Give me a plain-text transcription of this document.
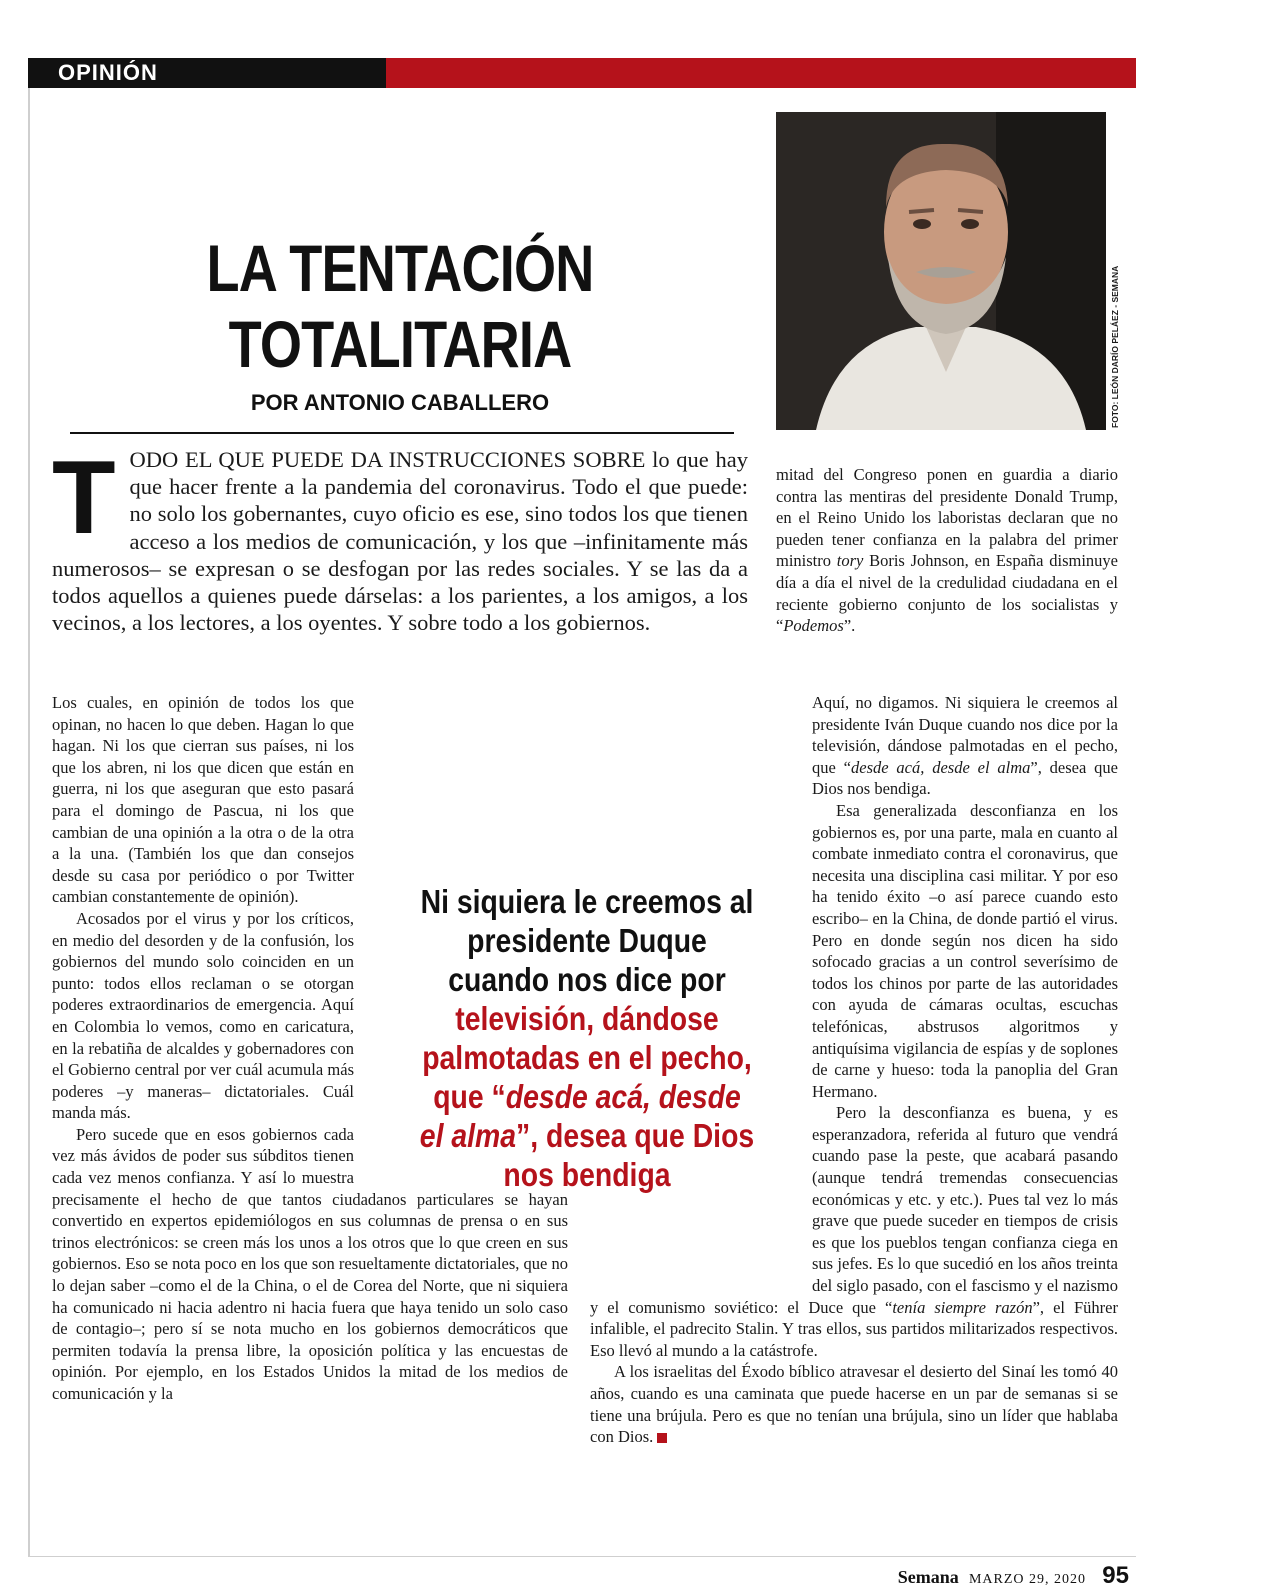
OPINIÓN
LA TENTACIÓN
TOTALITARIA
POR ANTONIO CABALLERO	FOTO: LEÓN DARÍO PELÁEZ - SEMANA
TODO EL QUE PUEDE DA INSTRUCCIONES SOBRE lo que hay que hacer frente a la pandemia del coronavirus. Todo el que puede: no solo los gobernantes, cuyo oficio es ese, sino todos los que tienen acceso a los medios de comunicación, y los que –infinitamente más numerosos– se expresan o se desfogan por las redes sociales. Y se las da a todos aquellos a quienes puede dárselas: a los parientes, a los amigos, a los vecinos, a los lectores, a los oyentes. Y sobre todo a los gobiernos.

mitad del Congreso ponen en guardia a diario contra las mentiras del presidente Donald Trump, en el Reino Unido los laboristas declaran que no pueden tener confianza en la palabra del primer ministro tory Boris Johnson, en España disminuye día a día el nivel de la credulidad ciudadana en el reciente gobierno conjunto de los socialistas y “Podemos”.

Los cuales, en opinión de todos los que opinan, no hacen lo que deben. Hagan lo que hagan. Ni los que cierran sus países, ni los que los abren, ni los que dicen que están en guerra, ni los que aseguran que esto pasará para el domingo de Pascua, ni los que cambian de una opinión a la otra o de la otra a la una. (También los que dan consejos desde su casa por periódico o por Twitter cambian constantemente de opinión).

Acosados por el virus y por los críticos, en medio del desorden y de la confusión, los gobiernos del mundo solo coinciden en un punto: todos ellos reclaman o se otorgan poderes extraordinarios de emergencia. Aquí en Colombia lo vemos, como en caricatura, en la rebatiña de alcaldes y gobernadores con el Gobierno central por ver cuál acumula más poderes –y maneras– dictatoriales. Cuál manda más.

Pero sucede que en esos gobiernos cada vez más ávidos de poder sus súbditos tienen cada vez menos confianza. Y así lo muestra precisamente el hecho de que tantos ciudadanos particulares se hayan convertido en expertos epidemiólogos en sus columnas de prensa o en sus trinos electrónicos: se creen más los unos a los otros que lo que creen en sus gobiernos. Eso se nota poco en los que son resueltamente dictatoriales, que no lo dejan saber –como el de la China, o el de Corea del Norte, que ni siquiera ha comunicado ni hacia adentro ni hacia fuera que haya tenido un solo caso de contagio–; pero sí se nota mucho en los gobiernos democráticos que permiten todavía la prensa libre, la oposición política y las encuestas de opinión. Por ejemplo, en los Estados Unidos la mitad de los medios de comunicación y la

Aquí, no digamos. Ni siquiera le creemos al presidente Iván Duque cuando nos dice por la televisión, dándose palmotadas en el pecho, que “desde acá, desde el alma”, desea que Dios nos bendiga.

Esa generalizada desconfianza en los gobiernos es, por una parte, mala en cuanto al combate inmediato contra el coronavirus, que necesita una disciplina casi militar. Y por eso ha tenido éxito –o así parece cuando esto escribo– en la China, de donde partió el virus. Pero en donde según nos dicen ha sido sofocado gracias a un control severísimo de todos los chinos por parte de las autoridades con ayuda de cámaras ocultas, escuchas telefónicas, abstrusos algoritmos y antiquísima vigilancia de espías y de soplones de carne y hueso: toda la panoplia del Gran Hermano.

Pero la desconfianza es buena, y es esperanzadora, referida al futuro que vendrá cuando pase la peste, que acabará pasando (aunque tendrá tremendas consecuencias económicas y etc. y etc.). Pues tal vez lo más grave que puede suceder en tiempos de crisis es que los pueblos tengan confianza ciega en sus jefes. Es lo que sucedió en los años treinta del siglo pasado, con el fascismo y el nazismo y el comunismo soviético: el Duce que “tenía siempre razón”, el Führer infalible, el padrecito Stalin. Y tras ellos, sus partidos militarizados respectivos. Eso llevó al mundo a la catástrofe.

A los israelitas del Éxodo bíblico atravesar el desierto del Sinaí les tomó 40 años, cuando es una caminata que puede hacerse en un par de semanas si se tiene una brújula. Pero es que no tenían una brújula, sino un líder que hablaba con Dios.

Ni siquiera le creemos al presidente Duque cuando nos dice por televisión, dándose palmotadas en el pecho, que “desde acá, desde el alma”, desea que Dios nos bendiga
Semana MARZO 29, 2020 95
